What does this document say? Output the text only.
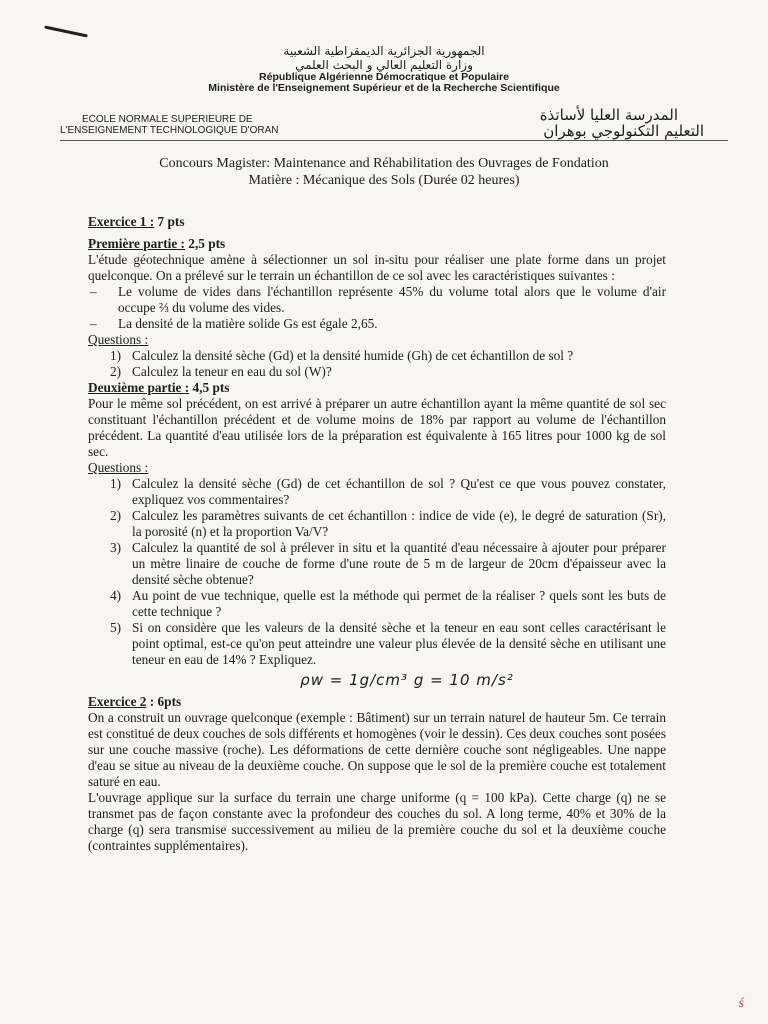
الجمهورية الجزائرية الديمقراطية الشعبية
وزارة التعليم العالي و البحث العلمي
République Algérienne Démocratique et Populaire
Ministère de l'Enseignement Supérieur et de la Recherche Scientifique
ECOLE NORMALE SUPERIEURE DE
L'ENSEIGNEMENT TECHNOLOGIQUE D'ORAN
المدرسة العليا لأساتذة
التعليم التكنولوجي بوهران
Concours Magister: Maintenance and Réhabilitation des Ouvrages de Fondation
Matière : Mécanique des Sols (Durée 02 heures)
Exercice 1 : 7 pts
Première partie : 2,5 pts

L'étude géotechnique amène à sélectionner un sol in-situ pour réaliser une plate forme dans un projet quelconque. On a prélevé sur le terrain un échantillon de ce sol avec les caractéristiques suivantes :

–	Le volume de vides dans l'échantillon représente 45% du volume total alors que le volume d'air occupe ⅔ du volume des vides.
–	La densité de la matière solide Gs est égale 2,65.
Questions :
1) Calculez la densité sèche (Gd) et la densité humide (Gh) de cet échantillon de sol ?
2) Calculez la teneur en eau du sol (W)?
Deuxième partie : 4,5 pts

Pour le même sol précédent, on est arrivé à préparer un autre échantillon ayant la même quantité de sol sec constituant l'échantillon précédent et de volume moins de 18% par rapport au volume de l'échantillon précédent. La quantité d'eau utilisée lors de la préparation est équivalente à 165 litres pour 1000 kg de sol sec.

Questions :
1) Calculez la densité sèche (Gd) de cet échantillon de sol ? Qu'est ce que vous pouvez constater, expliquez vos commentaires?
2) Calculez les paramètres suivants de cet échantillon : indice de vide (e), le degré de saturation (Sr), la porosité (n) et la proportion Va/V?
3) Calculez la quantité de sol à prélever in situ et la quantité d'eau nécessaire à ajouter pour préparer un mètre linaire de couche de forme d'une route de 5 m de largeur de 20cm d'épaisseur avec la densité sèche obtenue?
4) Au point de vue technique, quelle est la méthode qui permet de la réaliser ? quels sont les buts de cette technique ?
5) Si on considère que les valeurs de la densité sèche et la teneur en eau sont celles caractérisant le point optimal, est-ce qu'on peut atteindre une valeur plus élevée de la densité sèche en utilisant une teneur en eau de 14% ? Expliquez.
ρw = 1g/cm³ g = 10 m/s²
Exercice 2 : 6pts

On a construit un ouvrage quelconque (exemple : Bâtiment) sur un terrain naturel de hauteur 5m. Ce terrain est constitué de deux couches de sols différents et homogènes (voir le dessin). Ces deux couches sont posées sur une couche massive (roche). Les déformations de cette dernière couche sont négligeables. Une nappe d'eau se situe au niveau de la deuxième couche. On suppose que le sol de la première couche est totalement saturé en eau.

L'ouvrage applique sur la surface du terrain une charge uniforme (q = 100 kPa). Cette charge (q) ne se transmet pas de façon constante avec la profondeur des couches du sol. A long terme, 40% et 30% de la charge (q) sera transmise successivement au milieu de la première couche du sol et la deuxième couche (contraintes supplémentaires).

ś
